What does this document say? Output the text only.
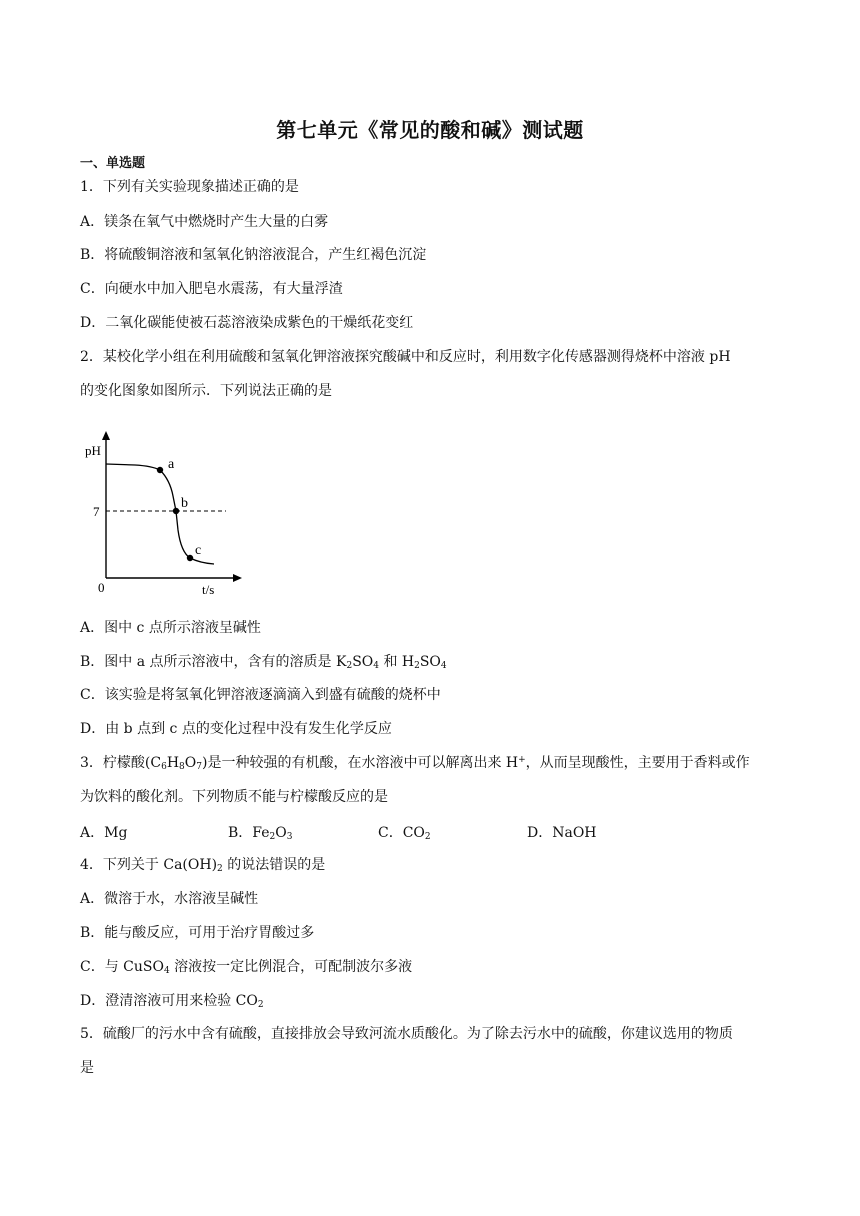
第七单元《常见的酸和碱》测试题
一、单选题
1．下列有关实验现象描述正确的是
A．镁条在氧气中燃烧时产生大量的白雾
B．将硫酸铜溶液和氢氧化钠溶液混合，产生红褐色沉淀
C．向硬水中加入肥皂水震荡，有大量浮渣
D．二氧化碳能使被石蕊溶液染成紫色的干燥纸花变红
2．某校化学小组在利用硫酸和氢氧化钾溶液探究酸碱中和反应时，利用数字化传感器测得烧杯中溶液 pH
的变化图象如图所示．下列说法正确的是
pH
7
0	t/s
a
b
c
A．图中 c 点所示溶液呈碱性
B．图中 a 点所示溶液中，含有的溶质是 $K_2SO_4$ 和 $H_2SO_4$
C．该实验是将氢氧化钾溶液逐滴滴入到盛有硫酸的烧杯中
D．由 b 点到 c 点的变化过程中没有发生化学反应
3．柠檬酸$(C_6H_8O_7)$是一种较强的有机酸，在水溶液中可以解离出来 H+，从而呈现酸性，主要用于香料或作
为饮料的酸化剂。下列物质不能与柠檬酸反应的是
A．Mg	B．$Fe_2O_3$	C．$CO_2$	D．NaOH
4．下列关于 $Ca(OH)_2$ 的说法错误的是
A．微溶于水，水溶液呈碱性
B．能与酸反应，可用于治疗胃酸过多
C．与 CuSO$_4$ 溶液按一定比例混合，可配制波尔多液
D．澄清溶液可用来检验 $CO_2$
5．硫酸厂的污水中含有硫酸，直接排放会导致河流水质酸化。为了除去污水中的硫酸，你建议选用的物质
是
